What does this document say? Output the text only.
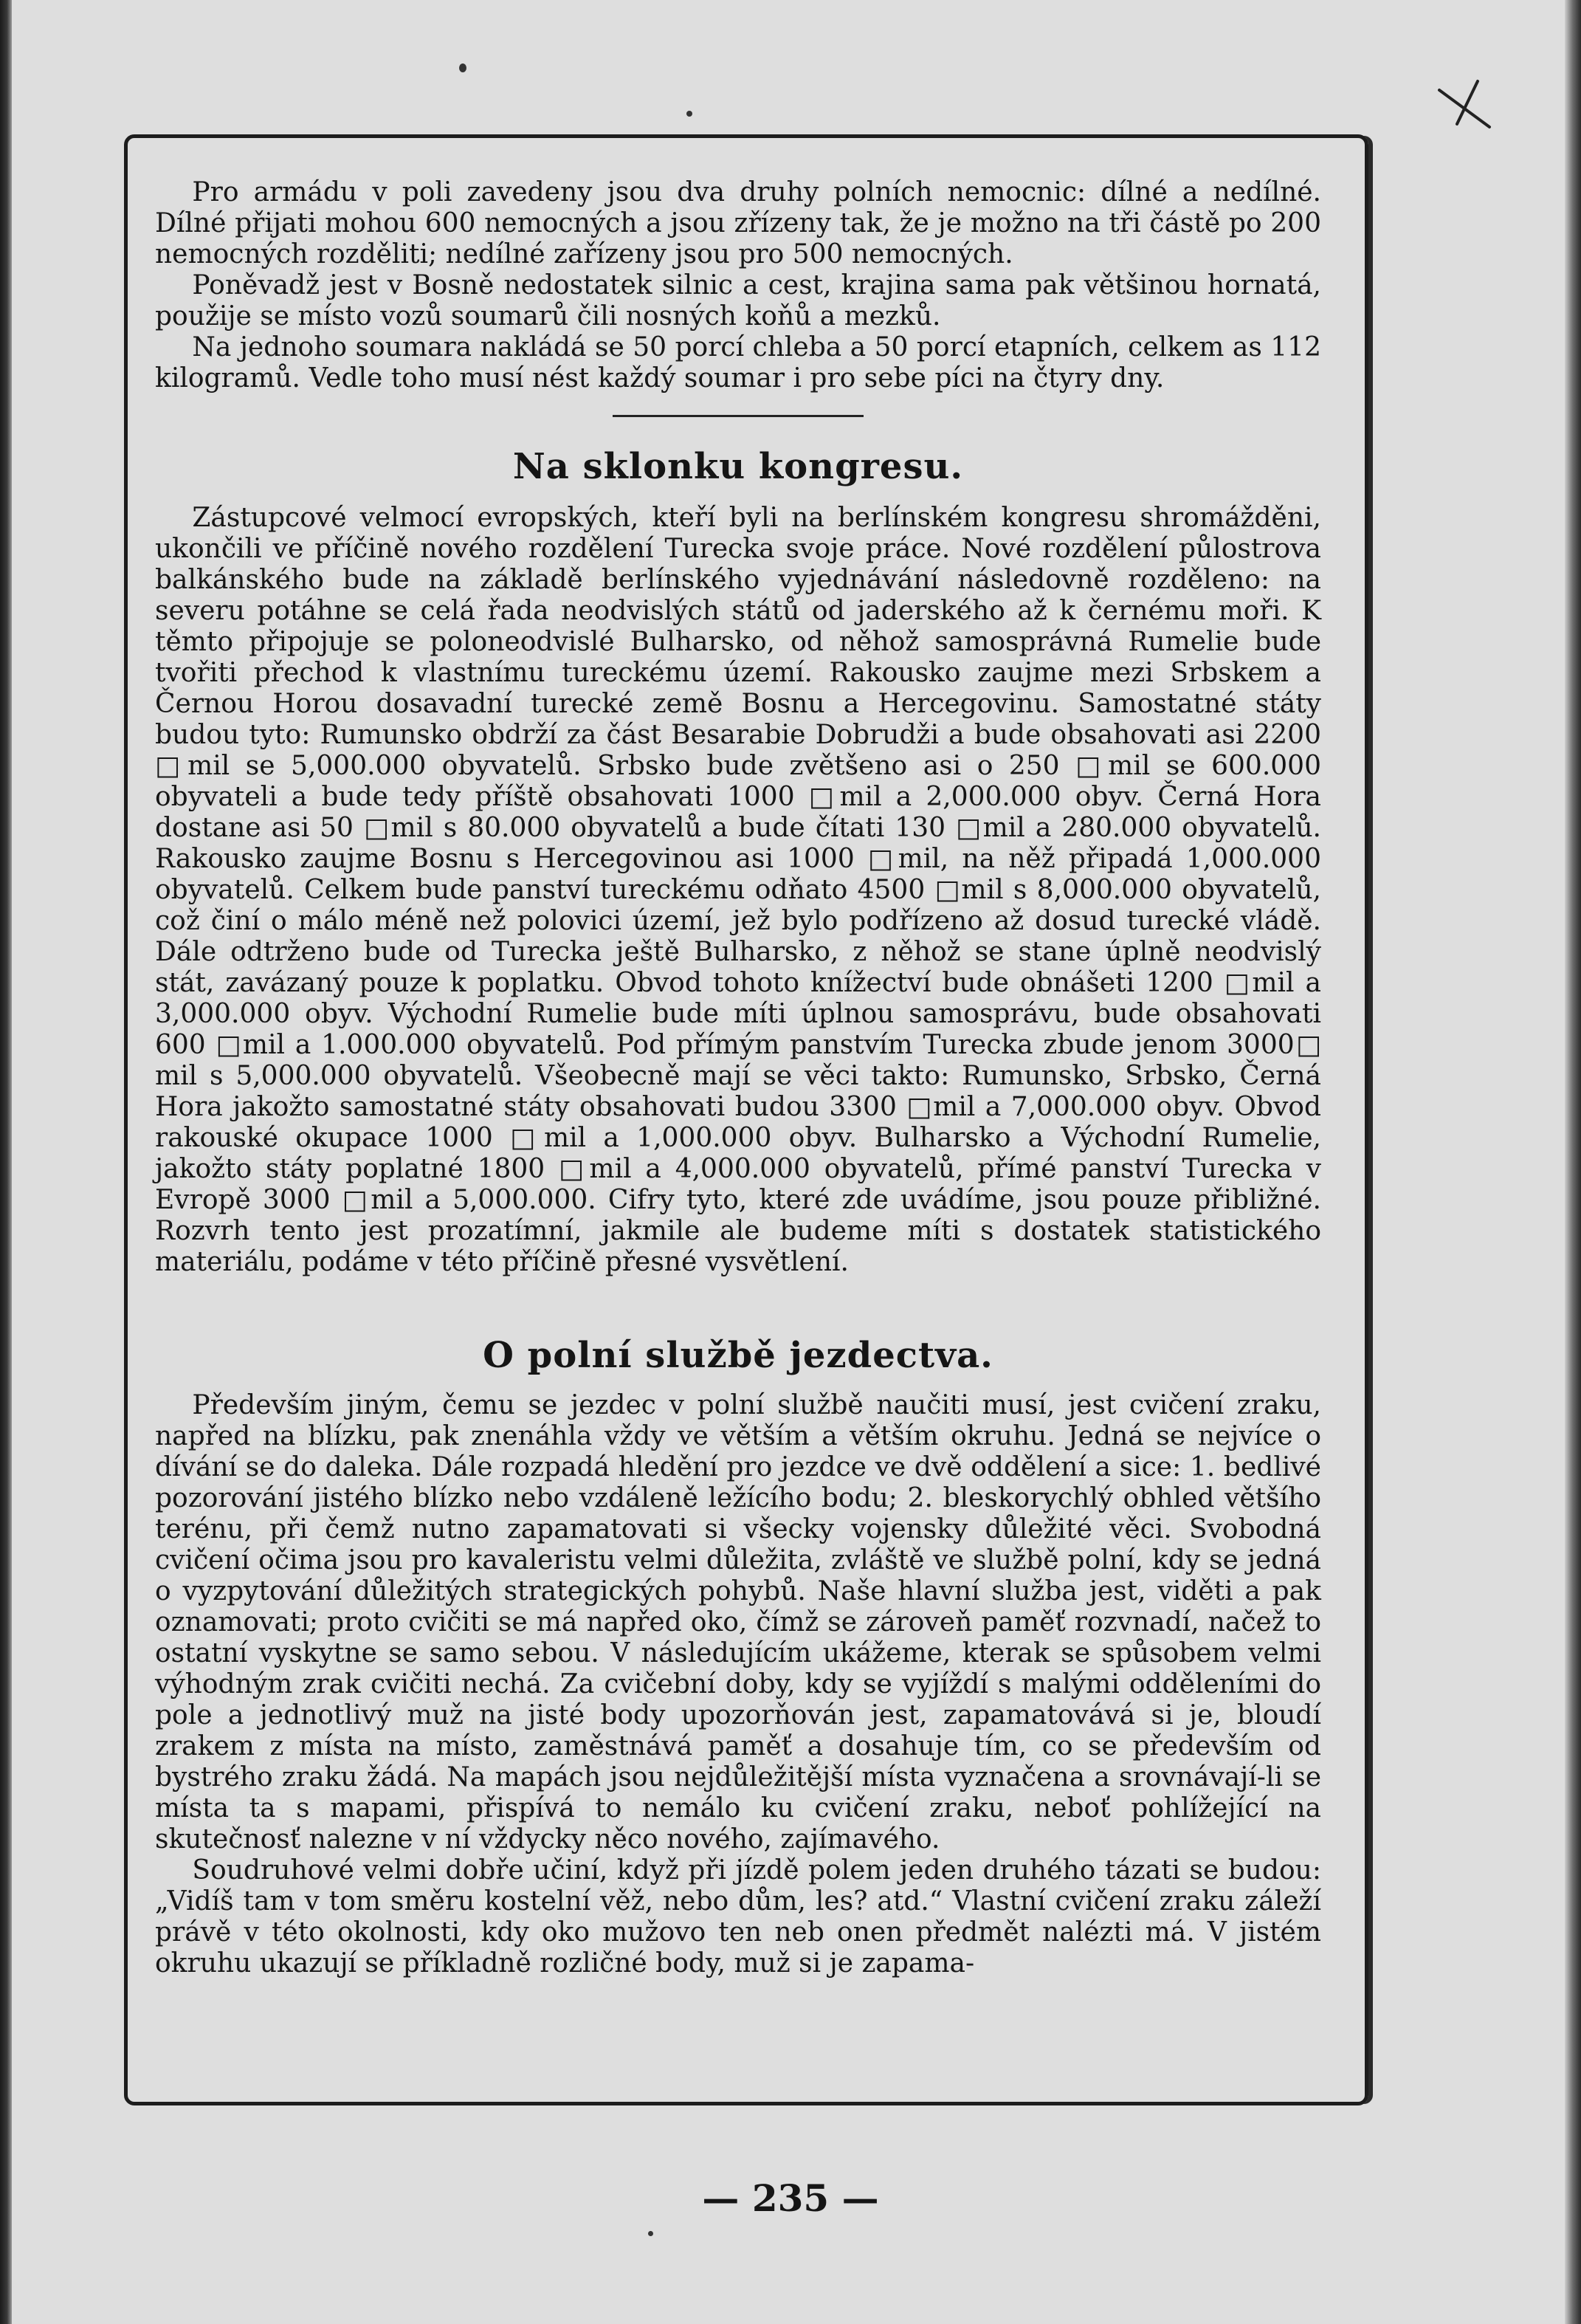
Pro armádu v poli zavedeny jsou dva druhy polních nemocnic: dílné a nedílné. Dílné přijati mohou 600 nemocných a jsou zřízeny tak, že je možno na tři částě po 200 nemocných rozděliti; nedílné zařízeny jsou pro 500 nemocných.

Poněvadž jest v Bosně nedostatek silnic a cest, krajina sama pak většinou hornatá, použije se místo vozů soumarů čili nosných koňů a mezků.

Na jednoho soumara nakládá se 50 porcí chleba a 50 porcí etapních, celkem as 112 kilogramů. Vedle toho musí nést každý soumar i pro sebe píci na čtyry dny.

Na sklonku kongresu.

Zástupcové velmocí evropských, kteří byli na berlínském kongresu shromážděni, ukončili ve příčině nového rozdělení Turecka svoje práce. Nové rozdělení půlostrova balkánského bude na základě berlínského vyjednávání následovně rozděleno: na severu potáhne se celá řada neodvislých států od jaderského až k černému moři. K těmto připojuje se poloneodvislé Bulharsko, od něhož samosprávná Rumelie bude tvořiti přechod k vlastnímu tureckému území. Rakousko zaujme mezi Srbskem a Černou Horou dosavadní turecké země Bosnu a Hercegovinu. Samostatné státy budou tyto: Rumunsko obdrží za část Besarabie Dobrudži a bude obsahovati asi 2200 □mil se 5,000.000 obyvatelů. Srbsko bude zvětšeno asi o 250 □mil se 600.000 obyvateli a bude tedy příště obsahovati 1000 □mil a 2,000.000 obyv. Černá Hora dostane asi 50 □mil s 80.000 obyvatelů a bude čítati 130 □mil a 280.000 obyvatelů. Rakousko zaujme Bosnu s Hercegovinou asi 1000 □mil, na něž připadá 1,000.000 obyvatelů. Celkem bude panství tureckému odňato 4500 □mil s 8,000.000 obyvatelů, což činí o málo méně než polovici území, jež bylo podřízeno až dosud turecké vládě. Dále odtrženo bude od Turecka ještě Bulharsko, z něhož se stane úplně neodvislý stát, zavázaný pouze k poplatku. Obvod tohoto knížectví bude obnášeti 1200 □mil a 3,000.000 obyv. Východní Rumelie bude míti úplnou samosprávu, bude obsahovati 600 □mil a 1.000.000 obyvatelů. Pod přímým panstvím Turecka zbude jenom 3000□ mil s 5,000.000 obyvatelů. Všeobecně mají se věci takto: Rumunsko, Srbsko, Černá Hora jakožto samostatné státy obsahovati budou 3300 □mil a 7,000.000 obyv. Obvod rakouské okupace 1000 □mil a 1,000.000 obyv. Bulharsko a Východní Rumelie, jakožto státy poplatné 1800 □mil a 4,000.000 obyvatelů, přímé panství Turecka v Evropě 3000 □mil a 5,000.000. Cifry tyto, které zde uvádíme, jsou pouze přibližné. Rozvrh tento jest prozatímní, jakmile ale budeme míti s dostatek statistického materiálu, podáme v této příčině přesné vysvětlení.

O polní službě jezdectva.

Především jiným, čemu se jezdec v polní službě naučiti musí, jest cvičení zraku, napřed na blízku, pak znenáhla vždy ve větším a větším okruhu. Jedná se nejvíce o dívání se do daleka. Dále rozpadá hledění pro jezdce ve dvě oddělení a sice: 1. bedlivé pozorování jistého blízko nebo vzdáleně ležícího bodu; 2. bleskorychlý obhled většího terénu, při čemž nutno zapamatovati si všecky vojensky důležité věci. Svobodná cvičení očima jsou pro kavaleristu velmi důležita, zvláště ve službě polní, kdy se jedná o vyzpytování důležitých strategických pohybů. Naše hlavní služba jest, viděti a pak oznamovati; proto cvičiti se má napřed oko, čímž se zároveň paměť rozvnadí, načež to ostatní vyskytne se samo sebou. V následujícím ukážeme, kterak se spůsobem velmi výhodným zrak cvičiti nechá. Za cvičební doby, kdy se vyjíždí s malými odděleními do pole a jednotlivý muž na jisté body upozorňován jest, zapamatovává si je, bloudí zrakem z místa na místo, zaměstnává paměť a dosahuje tím, co se především od bystrého zraku žádá. Na mapách jsou nejdůležitější místa vyznačena a srovnávají-li se místa ta s mapami, přispívá to nemálo ku cvičení zraku, neboť pohlížející na skutečnosť nalezne v ní vždycky něco nového, zajímavého.

Soudruhové velmi dobře učiní, když při jízdě polem jeden druhého tázati se budou: „Vidíš tam v tom směru kostelní věž, nebo dům, les? atd.“ Vlastní cvičení zraku záleží právě v této okolnosti, kdy oko mužovo ten neb onen předmět nalézti má. V jistém okruhu ukazují se příkladně rozličné body, muž si je zapama-

— 235 —
